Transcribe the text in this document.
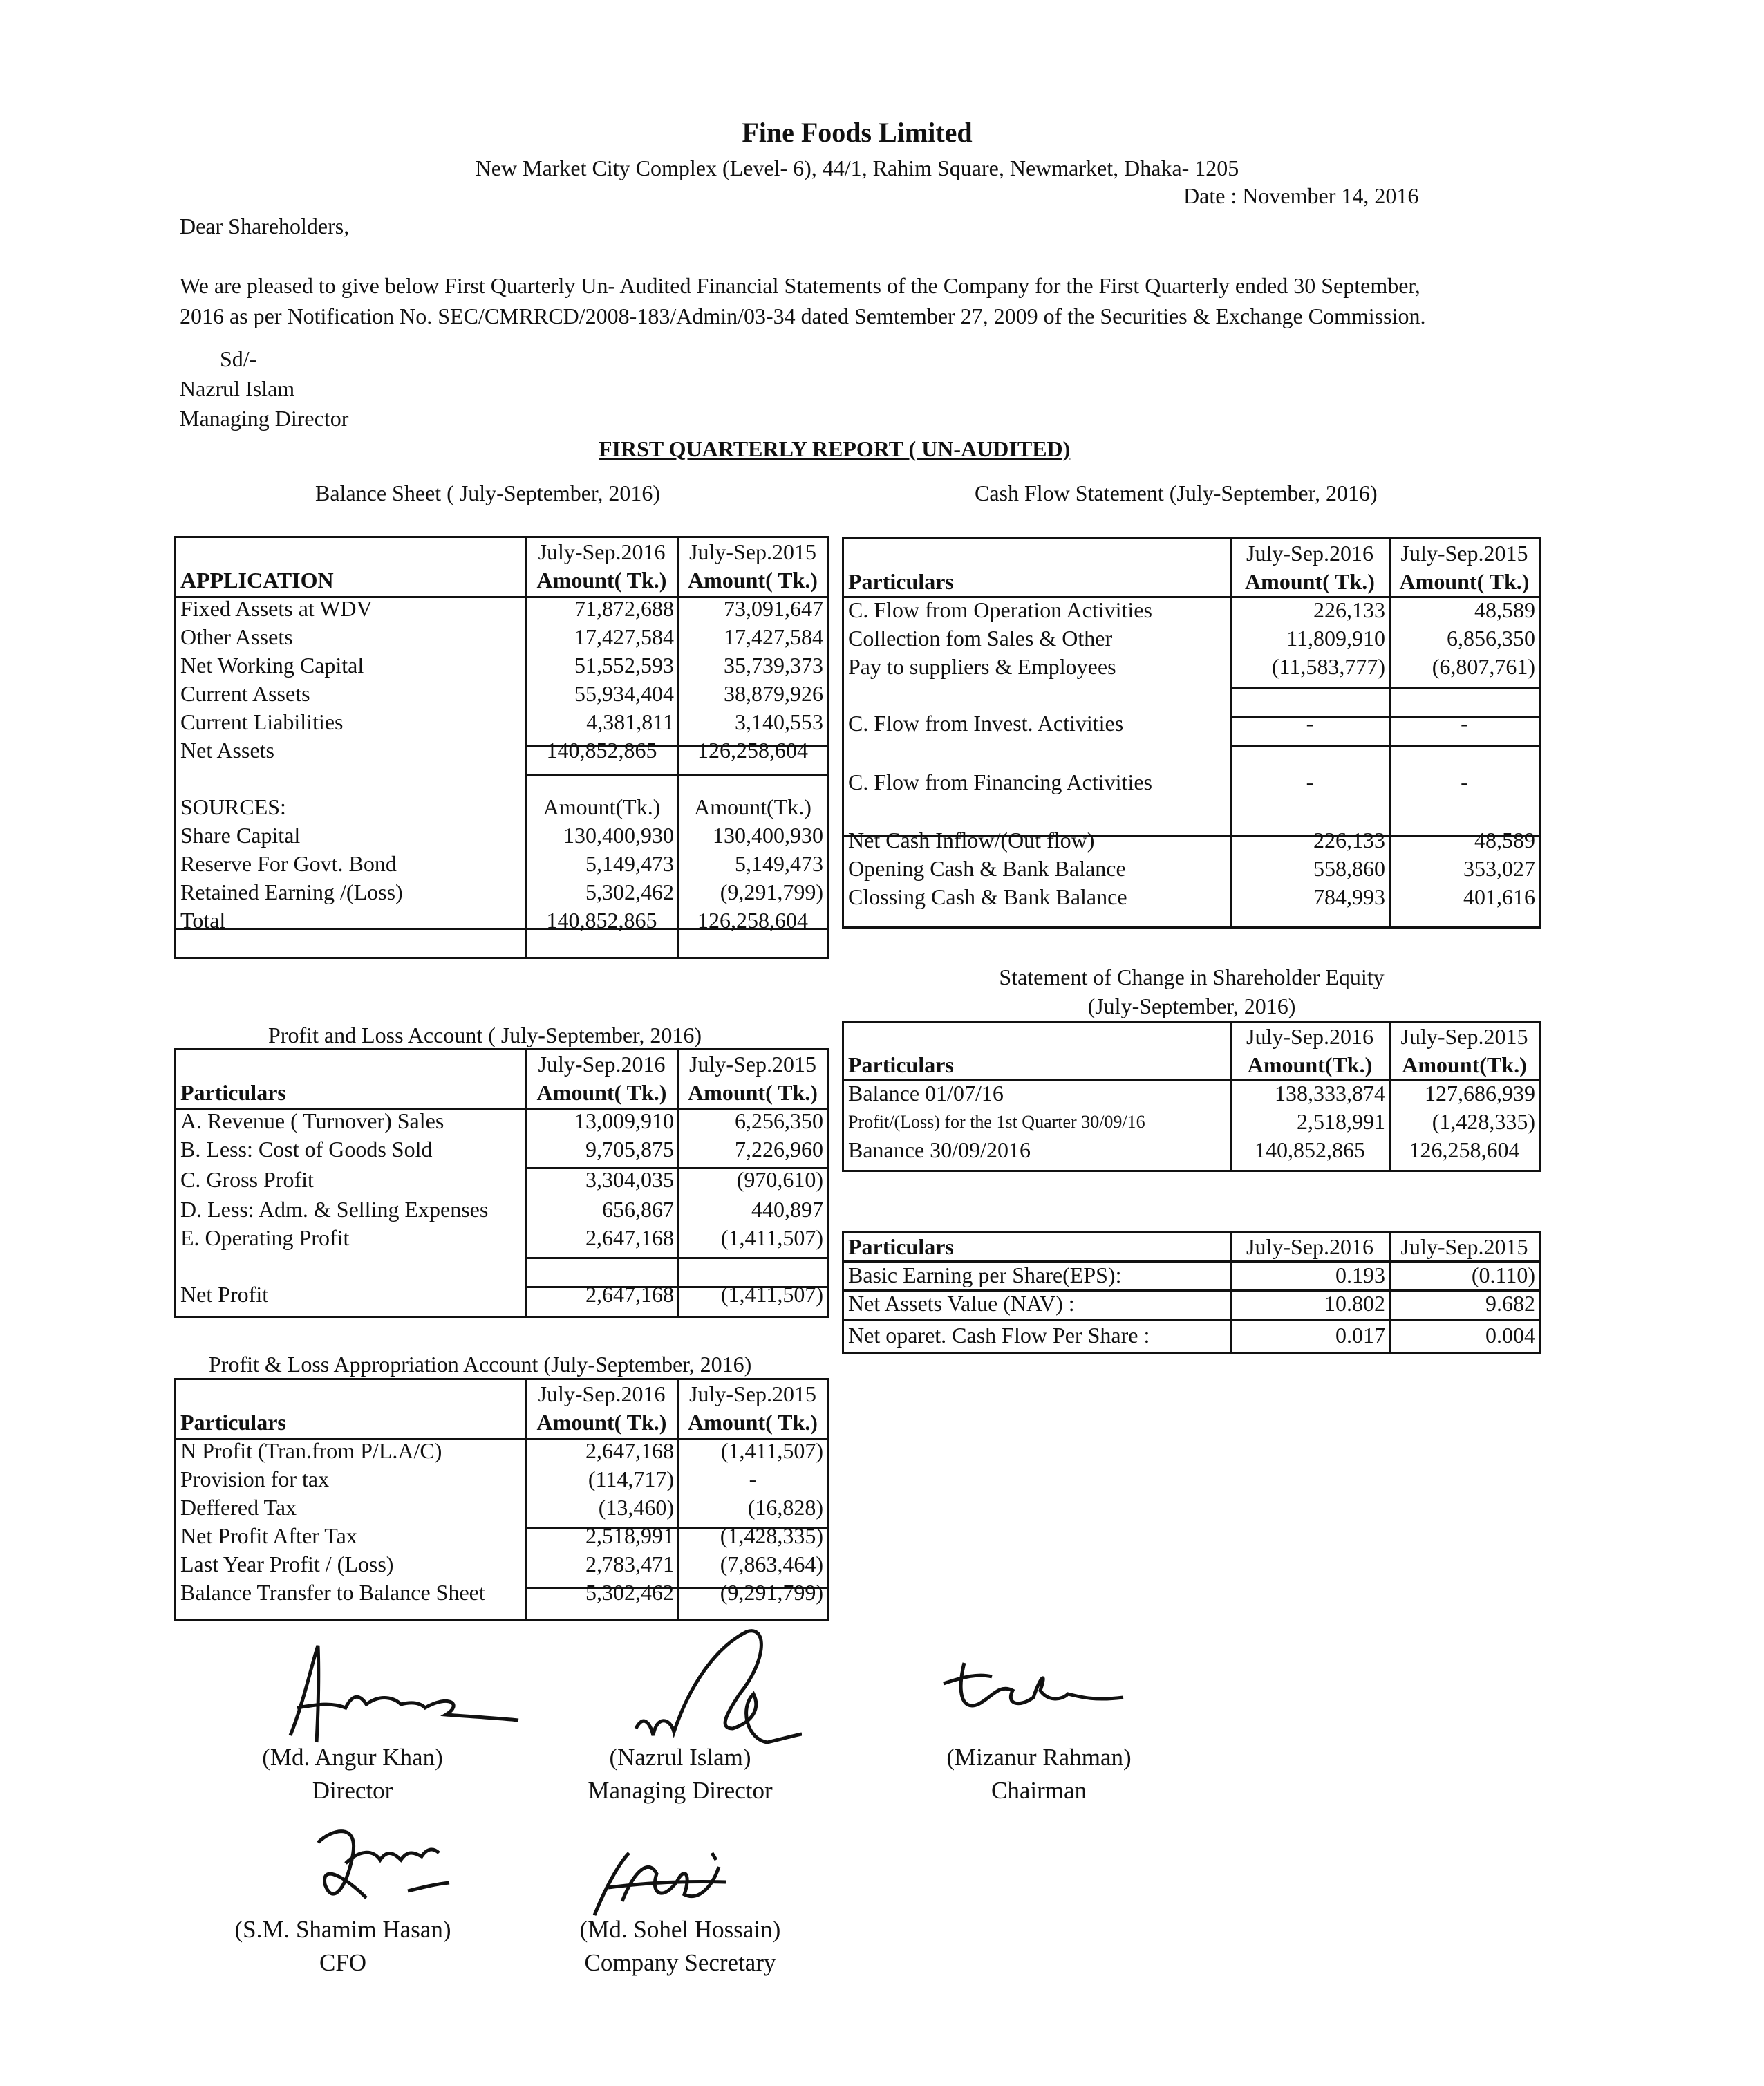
Fine Foods Limited
New Market City Complex (Level- 6), 44/1, Rahim Square, Newmarket, Dhaka- 1205
Date : November 14, 2016
Dear Shareholders,
We are pleased to give below First Quarterly Un- Audited Financial Statements of the Company for the First Quarterly ended 30 September,
2016 as per Notification No. SEC/CMRRCD/2008-183/Admin/03-34 dated Semtember 27, 2009 of the Securities & Exchange Commission.
Sd/-
Nazrul Islam
Managing Director
FIRST QUARTERLY REPORT ( UN-AUDITED)
Balance Sheet ( July-September, 2016)
	July-Sep.2016	July-Sep.2015
APPLICATION	Amount( Tk.)	Amount( Tk.)
Fixed Assets at WDV	71,872,688	73,091,647
Other Assets	17,427,584	17,427,584
Net Working Capital	51,552,593	35,739,373
Current Assets	55,934,404	38,879,926
Current Liabilities	4,381,811	3,140,553
Net Assets	140,852,865	126,258,604

SOURCES:	Amount(Tk.)	Amount(Tk.)
Share Capital	130,400,930	130,400,930
Reserve For Govt. Bond	5,149,473	5,149,473
Retained Earning /(Loss)	5,302,462	(9,291,799)
Total	140,852,865	126,258,604
Cash Flow Statement (July-September, 2016)
	July-Sep.2016	July-Sep.2015
Particulars	Amount( Tk.)	Amount( Tk.)
C. Flow from Operation Activities	226,133	48,589
Collection fom Sales & Other	11,809,910	6,856,350
Pay to suppliers & Employees	(11,583,777)	(6,807,761)

C. Flow from Invest. Activities	-	-

C. Flow from Financing Activities	-	-

Net Cash Inflow/(Out flow)	226,133	48,589
Opening Cash & Bank Balance	558,860	353,027
Clossing Cash & Bank Balance	784,993	401,616
Statement of Change in Shareholder Equity
(July-September, 2016)
	July-Sep.2016	July-Sep.2015
Particulars	Amount(Tk.)	Amount(Tk.)
Balance 01/07/16	138,333,874	127,686,939
Profit/(Loss) for the 1st Quarter 30/09/16	2,518,991	(1,428,335)
Banance 30/09/2016	140,852,865	126,258,604
Particulars	July-Sep.2016	July-Sep.2015
Basic Earning per Share(EPS):	0.193	(0.110)
Net Assets Value (NAV) :	10.802	9.682
Net oparet. Cash Flow Per Share :	0.017	0.004
Profit and Loss Account ( July-September, 2016)
	July-Sep.2016	July-Sep.2015
Particulars	Amount( Tk.)	Amount( Tk.)
A. Revenue ( Turnover) Sales	13,009,910	6,256,350
B. Less: Cost of Goods Sold	9,705,875	7,226,960
C. Gross Profit	3,304,035	(970,610)
D. Less: Adm. & Selling Expenses	656,867	440,897
E. Operating Profit	2,647,168	(1,411,507)

Net Profit	2,647,168	(1,411,507)
Profit & Loss Appropriation Account (July-September, 2016)
	July-Sep.2016	July-Sep.2015
Particulars	Amount( Tk.)	Amount( Tk.)
N Profit (Tran.from P/L.A/C)	2,647,168	(1,411,507)
Provision for tax	(114,717)	-
Deffered Tax	(13,460)	(16,828)
Net Profit After Tax	2,518,991	(1,428,335)
Last Year Profit / (Loss)	2,783,471	(7,863,464)
Balance Transfer to Balance Sheet	5,302,462	(9,291,799)
(Md. Angur Khan)
Director
(Nazrul Islam)
Managing Director
(Mizanur Rahman)
Chairman
(S.M. Shamim Hasan)
CFO
(Md. Sohel Hossain)
Company Secretary
